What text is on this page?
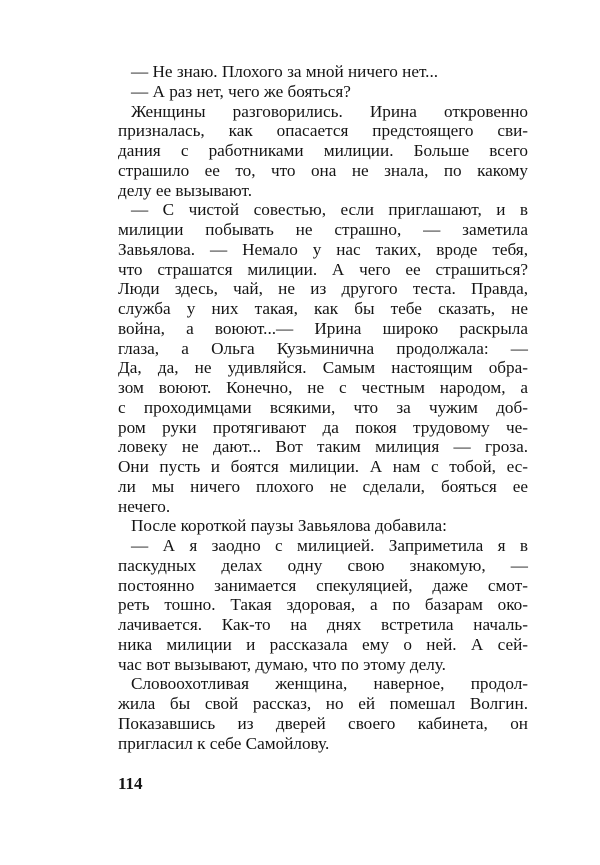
— Не знаю. Плохого за мной ничего нет...
— А раз нет, чего же бояться?
Женщины разговорились. Ирина откровенно
призналась, как опасается предстоящего сви-
дания с работниками милиции. Больше всего
страшило ее то, что она не знала, по какому
делу ее вызывают.
— С чистой совестью, если приглашают, и в
милиции побывать не страшно, — заметила
Завьялова. — Немало у нас таких, вроде тебя,
что страшатся милиции. А чего ее страшиться?
Люди здесь, чай, не из другого теста. Правда,
служба у них такая, как бы тебе сказать, не
война, а воюют...— Ирина широко раскрыла
глаза, а Ольга Кузьминична продолжала: —
Да, да, не удивляйся. Самым настоящим обра-
зом воюют. Конечно, не с честным народом, а
с проходимцами всякими, что за чужим доб-
ром руки протягивают да покоя трудовому че-
ловеку не дают... Вот таким милиция — гроза.
Они пусть и боятся милиции. А нам с тобой, ес-
ли мы ничего плохого не сделали, бояться ее
нечего.
После короткой паузы Завьялова добавила:
— А я заодно с милицией. Заприметила я в
паскудных делах одну свою знакомую, —
постоянно занимается спекуляцией, даже смот-
реть тошно. Такая здоровая, а по базарам око-
лачивается. Как-то на днях встретила началь-
ника милиции и рассказала ему о ней. А сей-
час вот вызывают, думаю, что по этому делу.
Словоохотливая женщина, наверное, продол-
жила бы свой рассказ, но ей помешал Волгин.
Показавшись из дверей своего кабинета, он
пригласил к себе Самойлову.
114
